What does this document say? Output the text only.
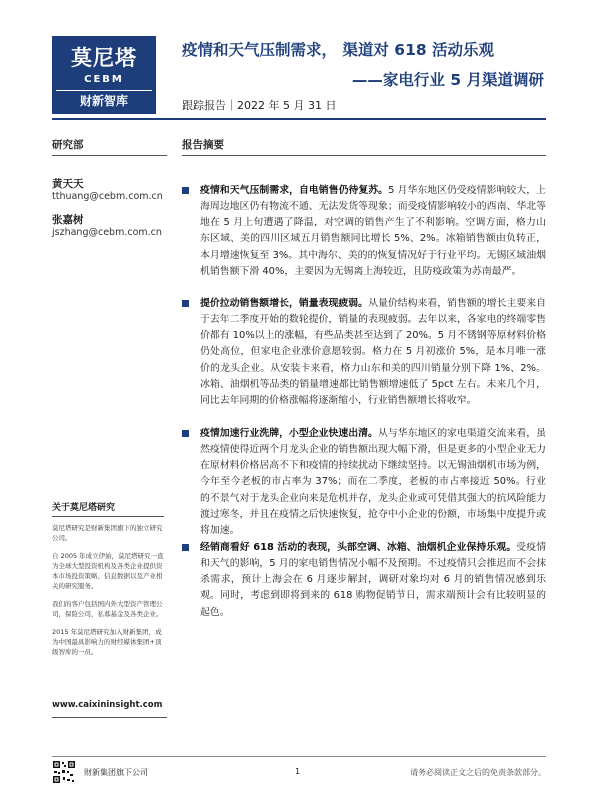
莫尼塔
CEBM
财新智库
疫情和天气压制需求， 渠道对 618 活动乐观
——家电行业 5 月渠道调研
跟踪报告｜2022 年 5 月 31 日
研究部	报告摘要
黄天天
tthuang@cebm.com.cn
张嘉树
jszhang@cebm.com.cn
关于莫尼塔研究

莫尼塔研究是财新集团旗下的独立研究公司。

自 2005 年成立伊始，莫尼塔研究一直为全球大型投资机构及各类企业提供资本市场投资策略、信息数据以及产业相关的研究服务。

我们的客户包括国内外大型资产管理公司，保险公司，私募基金及各类企业。

2015 年莫尼塔研究加入财新集团，成为中国最具影响力的财经媒体集团+顶级智库的一员。

www.caixininsight.com
疫情和天气压制需求，自电销售仍待复苏。5 月华东地区仍受疫情影响较大，上海周边地区仍有物流不通、无法发货等现象；而受疫情影响较小的西南、华北等地在 5 月上旬遭遇了降温，对空调的销售产生了不利影响。空调方面，格力山东区域、美的四川区域五月销售额同比增长 5%、2%。冰箱销售额由负转正，本月增速恢复至 3%。其中海尔、美的的恢复情况好于行业平均。无锡区域油烟机销售额下滑 40%，主要因为无锡离上海较近，且防疫政策为苏南最严。
提价拉动销售额增长，销量表现疲弱。从量价结构来看，销售额的增长主要来自于去年二季度开始的数轮提价，销量的表现疲弱。去年以来，各家电的终端零售价都有 10%以上的涨幅，有些品类甚至达到了 20%。5 月不锈钢等原材料价格仍处高位，但家电企业涨价意愿较弱。格力在 5 月初涨价 5%，是本月唯一涨价的龙头企业。从安装卡来看，格力山东和美的四川销量分别下降 1%、2%。冰箱、油烟机等品类的销量增速都比销售额增速低了 5pct 左右。未来几个月，同比去年同期的价格涨幅将逐渐缩小，行业销售额增长将收窄。
疫情加速行业洗牌，小型企业快速出清。从与华东地区的家电渠道交流来看，虽然疫情使得近两个月龙头企业的销售额出现大幅下滑，但是更多的小型企业无力在原材料价格居高不下和疫情的持续扰动下继续坚持。以无锡油烟机市场为例，今年至今老板的市占率为 37%；而在二季度，老板的市占率接近 50%。行业的不景气对于龙头企业向来是危机并存，龙头企业或可凭借其强大的抗风险能力渡过寒冬，并且在疫情之后快速恢复，抢夺中小企业的份额，市场集中度提升或将加速。
经销商看好 618 活动的表现，头部空调、冰箱、油烟机企业保持乐观。受疫情和天气的影响，5 月的家电销售情况小幅不及预期。不过疫情只会推迟而不会抹杀需求，预计上海会在 6 月逐步解封，调研对象均对 6 月的销售情况感到乐观。同时，考虑到即将到来的 618 购物促销节日，需求端预计会有比较明显的起色。
财新集团旗下公司	1	请务必阅读正文之后的免责条款部分。
